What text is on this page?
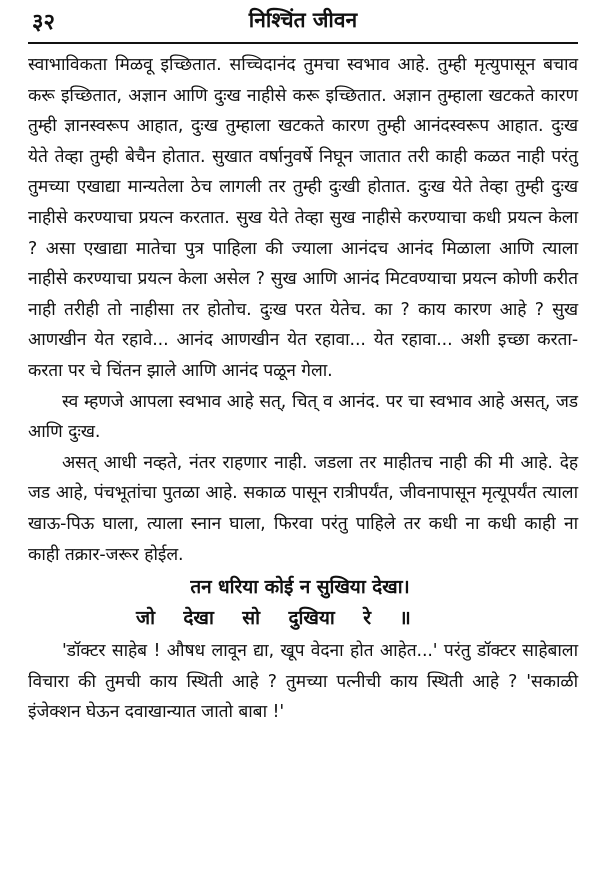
३२	निश्चिंत जीवन

स्वाभाविकता मिळवू इच्छितात. सच्चिदानंद तुमचा स्वभाव आहे. तुम्ही मृत्युपासून बचाव करू इच्छितात, अज्ञान आणि दुःख नाहीसे करू इच्छितात. अज्ञान तुम्हाला खटकते कारण तुम्ही ज्ञानस्वरूप आहात, दुःख तुम्हाला खटकते कारण तुम्ही आनंदस्वरूप आहात. दुःख येते तेव्हा तुम्ही बेचैन होतात. सुखात वर्षानुवर्षे निघून जातात तरी काही कळत नाही परंतु तुमच्या एखाद्या मान्यतेला ठेच लागली तर तुम्ही दुःखी होतात. दुःख येते तेव्हा तुम्ही दुःख नाहीसे करण्याचा प्रयत्न करतात. सुख येते तेव्हा सुख नाहीसे करण्याचा कधी प्रयत्न केला ? असा एखाद्या मातेचा पुत्र पाहिला की ज्याला आनंदच आनंद मिळाला आणि त्याला नाहीसे करण्याचा प्रयत्न केला असेल ? सुख आणि आनंद मिटवण्याचा प्रयत्न कोणी करीत नाही तरीही तो नाहीसा तर होतोच. दुःख परत येतेच. का ? काय कारण आहे ? सुख आणखीन येत रहावे... आनंद आणखीन येत रहावा... येत रहावा... अशी इच्छा करता-करता पर चे चिंतन झाले आणि आनंद पळून गेला.

स्व म्हणजे आपला स्वभाव आहे सत्, चित् व आनंद. पर चा स्वभाव आहे असत्, जड आणि दुःख.

असत् आधी नव्हते, नंतर राहणार नाही. जडला तर माहीतच नाही की मी आहे. देह जड आहे, पंचभूतांचा पुतळा आहे. सकाळ पासून रात्रीपर्यंत, जीवनापासून मृत्यूपर्यंत त्याला खाऊ-पिऊ घाला, त्याला स्नान घाला, फिरवा परंतु पाहिले तर कधी ना कधी काही ना काही तक्रार-जरूर होईल.

तन धरिया कोई न सुखिया देखा।
जो देखा सो दुखिया रे ॥

'डॉक्टर साहेब ! औषध लावून द्या, खूप वेदना होत आहेत...' परंतु डॉक्टर साहेबाला विचारा की तुमची काय स्थिती आहे ? तुमच्या पत्नीची काय स्थिती आहे ? 'सकाळी इंजेक्शन घेऊन दवाखान्यात जातो बाबा !'
